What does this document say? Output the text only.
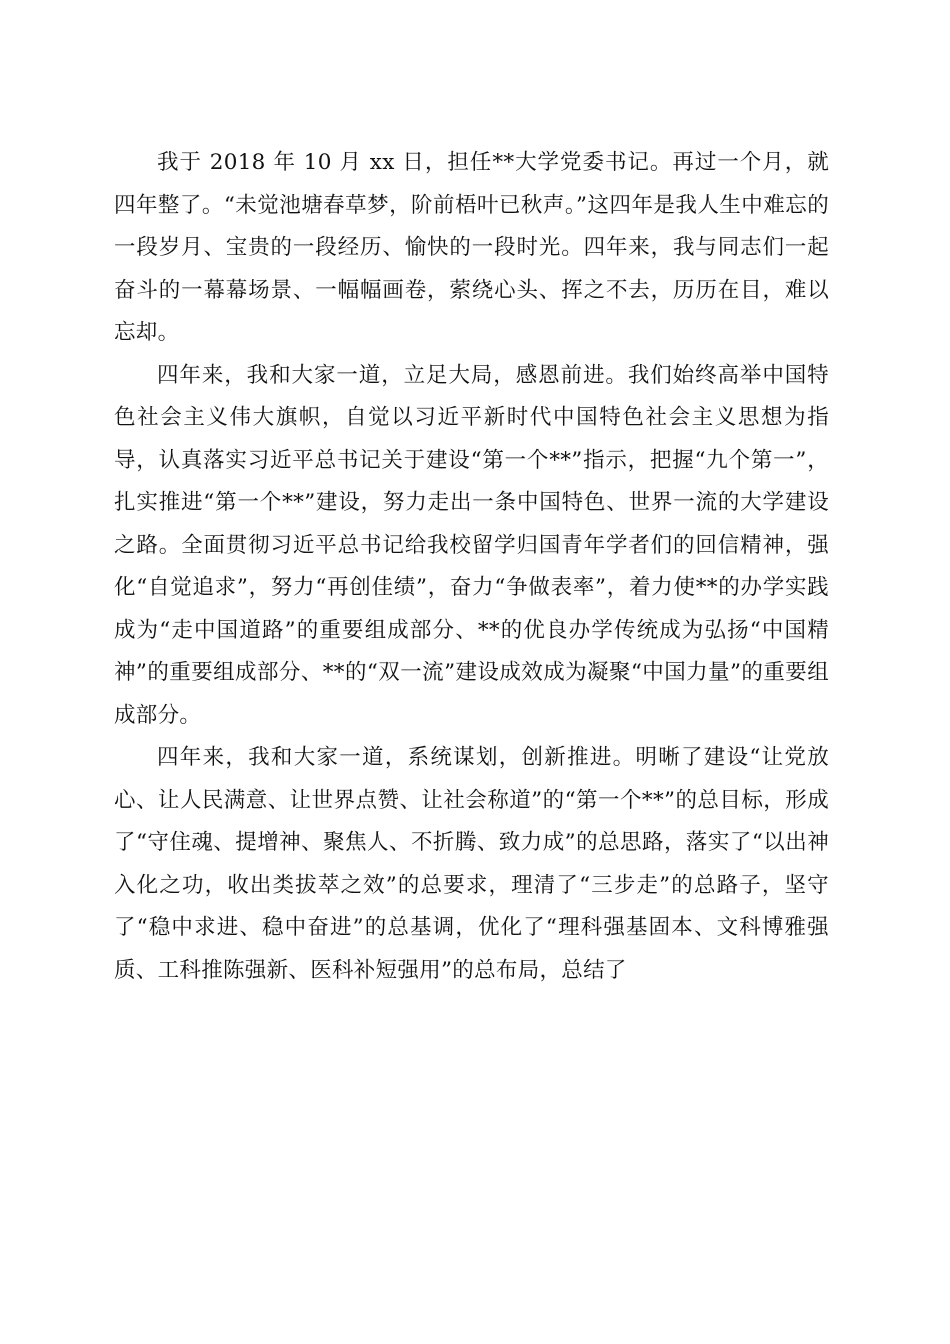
我于 2018 年 10 月 xx 日，担任**大学党委书记。再过一个月，就四年整了。“未觉池塘春草梦，阶前梧叶已秋声。”这四年是我人生中难忘的一段岁月、宝贵的一段经历、愉快的一段时光。四年来，我与同志们一起奋斗的一幕幕场景、一幅幅画卷，萦绕心头、挥之不去，历历在目，难以忘却。

四年来，我和大家一道，立足大局，感恩前进。我们始终高举中国特色社会主义伟大旗帜，自觉以习近平新时代中国特色社会主义思想为指导，认真落实习近平总书记关于建设“第一个**”指示，把握“九个第一”，扎实推进“第一个**”建设，努力走出一条中国特色、世界一流的大学建设之路。全面贯彻习近平总书记给我校留学归国青年学者们的回信精神，强化“自觉追求”，努力“再创佳绩”，奋力“争做表率”，着力使**的办学实践成为“走中国道路”的重要组成部分、**的优良办学传统成为弘扬“中国精神”的重要组成部分、**的“双一流”建设成效成为凝聚“中国力量”的重要组成部分。

四年来，我和大家一道，系统谋划，创新推进。明晰了建设“让党放心、让人民满意、让世界点赞、让社会称道”的“第一个**”的总目标，形成了“守住魂、提增神、聚焦人、不折腾、致力成”的总思路，落实了“以出神入化之功，收出类拔萃之效”的总要求，理清了“三步走”的总路子，坚守了“稳中求进、稳中奋进”的总基调，优化了“理科强基固本、文科博雅强质、工科推陈强新、医科补短强用”的总布局，总结了
